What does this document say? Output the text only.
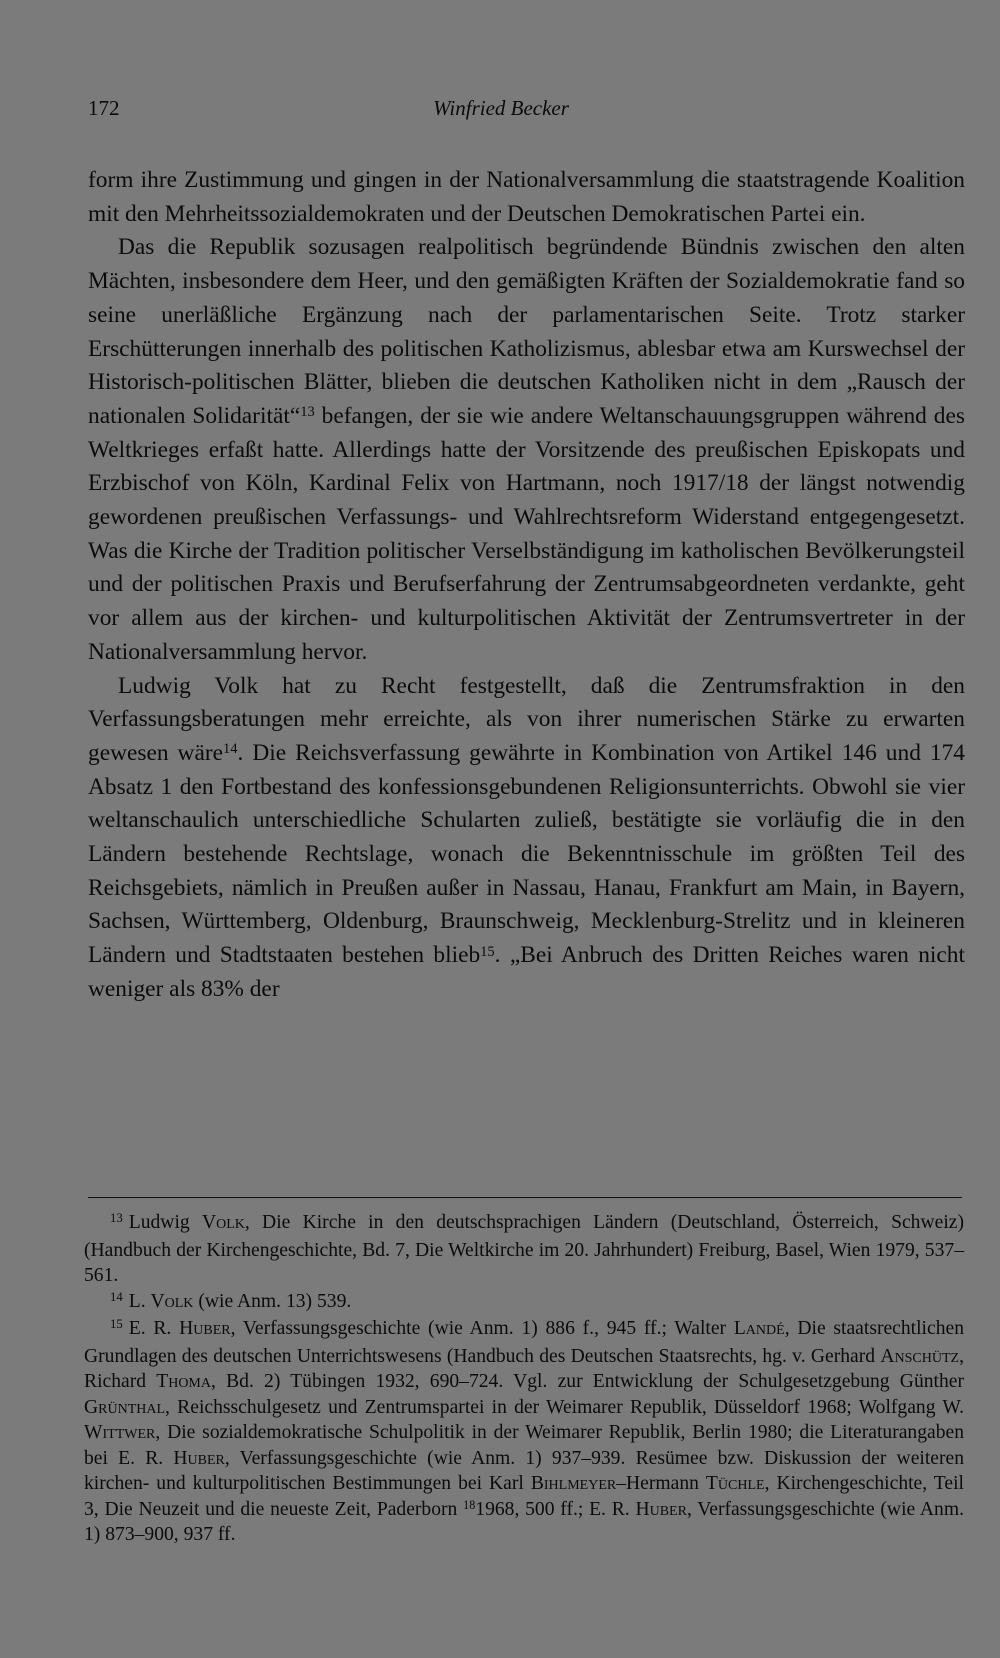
172	Winfried Becker

form ihre Zustimmung und gingen in der Nationalversammlung die staatstragende Koalition mit den Mehrheitssozialdemokraten und der Deutschen Demokratischen Partei ein.

Das die Republik sozusagen realpolitisch begründende Bündnis zwischen den alten Mächten, insbesondere dem Heer, und den gemäßigten Kräften der Sozialdemokratie fand so seine unerläßliche Ergänzung nach der parlamentarischen Seite. Trotz starker Erschütterungen innerhalb des politischen Katholizismus, ablesbar etwa am Kurswechsel der Historisch-politischen Blätter, blieben die deutschen Katholiken nicht in dem „Rausch der nationalen Solidarität“$^{13}$ befangen, der sie wie andere Weltanschauungsgruppen während des Weltkrieges erfaßt hatte. Allerdings hatte der Vorsitzende des preußischen Episkopats und Erzbischof von Köln, Kardinal Felix von Hartmann, noch 1917/18 der längst notwendig gewordenen preußischen Verfassungs- und Wahlrechtsreform Widerstand entgegengesetzt. Was die Kirche der Tradition politischer Verselbständigung im katholischen Bevölkerungsteil und der politischen Praxis und Berufserfahrung der Zentrumsabgeordneten verdankte, geht vor allem aus der kirchen- und kulturpolitischen Aktivität der Zentrumsvertreter in der Nationalversammlung hervor.

Ludwig Volk hat zu Recht festgestellt, daß die Zentrumsfraktion in den Verfassungsberatungen mehr erreichte, als von ihrer numerischen Stärke zu erwarten gewesen wäre$^{14}$. Die Reichsverfassung gewährte in Kombination von Artikel 146 und 174 Absatz 1 den Fortbestand des konfessionsgebundenen Religionsunterrichts. Obwohl sie vier weltanschaulich unterschiedliche Schularten zuließ, bestätigte sie vorläufig die in den Ländern bestehende Rechtslage, wonach die Bekenntnisschule im größten Teil des Reichsgebiets, nämlich in Preußen außer in Nassau, Hanau, Frankfurt am Main, in Bayern, Sachsen, Württemberg, Oldenburg, Braunschweig, Mecklenburg-Strelitz und in kleineren Ländern und Stadtstaaten bestehen blieb$^{15}$. „Bei Anbruch des Dritten Reiches waren nicht weniger als 83% der

$^{13}$ Ludwig Volk, Die Kirche in den deutschsprachigen Ländern (Deutschland, Österreich, Schweiz) (Handbuch der Kirchengeschichte, Bd. 7, Die Weltkirche im 20. Jahrhundert) Freiburg, Basel, Wien 1979, 537–561.

$^{14}$ L. Volk (wie Anm. 13) 539.

$^{15}$ E. R. Huber, Verfassungsgeschichte (wie Anm. 1) 886 f., 945 ff.; Walter Landé, Die staatsrechtlichen Grundlagen des deutschen Unterrichtswesens (Handbuch des Deutschen Staatsrechts, hg. v. Gerhard Anschütz, Richard Thoma, Bd. 2) Tübingen 1932, 690–724. Vgl. zur Entwicklung der Schulgesetzgebung Günther Grünthal, Reichsschulgesetz und Zentrumspartei in der Weimarer Republik, Düsseldorf 1968; Wolfgang W. Wittwer, Die sozialdemokratische Schulpolitik in der Weimarer Republik, Berlin 1980; die Literaturangaben bei E. R. Huber, Verfassungsgeschichte (wie Anm. 1) 937–939. Resümee bzw. Diskussion der weiteren kirchen- und kulturpolitischen Bestimmungen bei Karl Bihlmeyer–Hermann Tüchle, Kirchengeschichte, Teil 3, Die Neuzeit und die neueste Zeit, Paderborn $^{18}$1968, 500 ff.; E. R. Huber, Verfassungsgeschichte (wie Anm. 1) 873–900, 937 ff.
